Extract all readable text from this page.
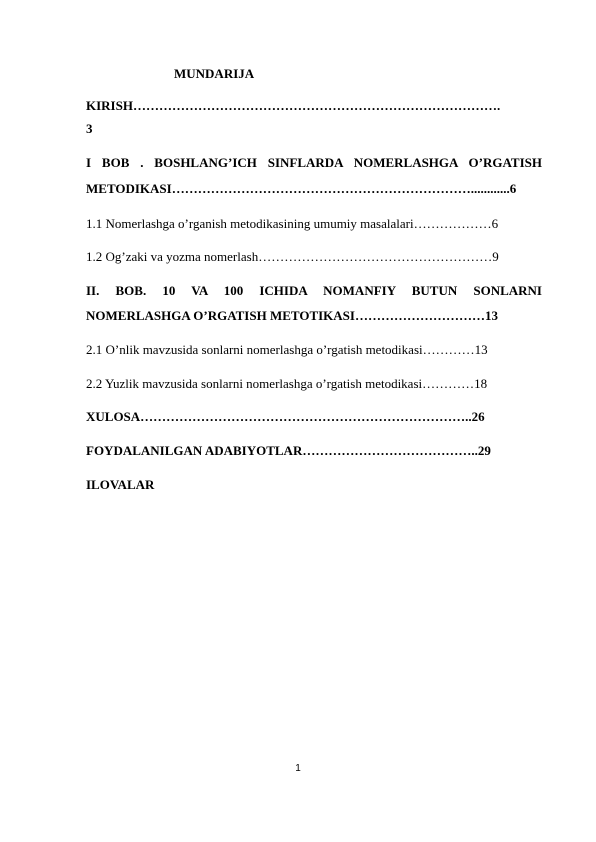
MUNDARIJA
KIRISH………………………………………………………………………….
3
I BOB . BOSHLANG’ICH SINFLARDA NOMERLASHGA O’RGATISH
METODIKASI……………………………………………………………............6
1.1 Nomerlashga o’rganish metodikasining umumiy masalalari………………6
1.2 Og’zaki va yozma nomerlash………………………………………………9
II. BOB. 10 VA 100 ICHIDA NOMANFIY BUTUN SONLARNI
NOMERLASHGA O’RGATISH METOTIKASI…………………………13
2.1 O’nlik mavzusida sonlarni nomerlashga o’rgatish metodikasi…………13
2.2 Yuzlik mavzusida sonlarni nomerlashga o’rgatish metodikasi…………18
XULOSA…………………………………………………………………..26
FOYDALANILGAN ADABIYOTLAR…………………………………..29
ILOVALAR
1
